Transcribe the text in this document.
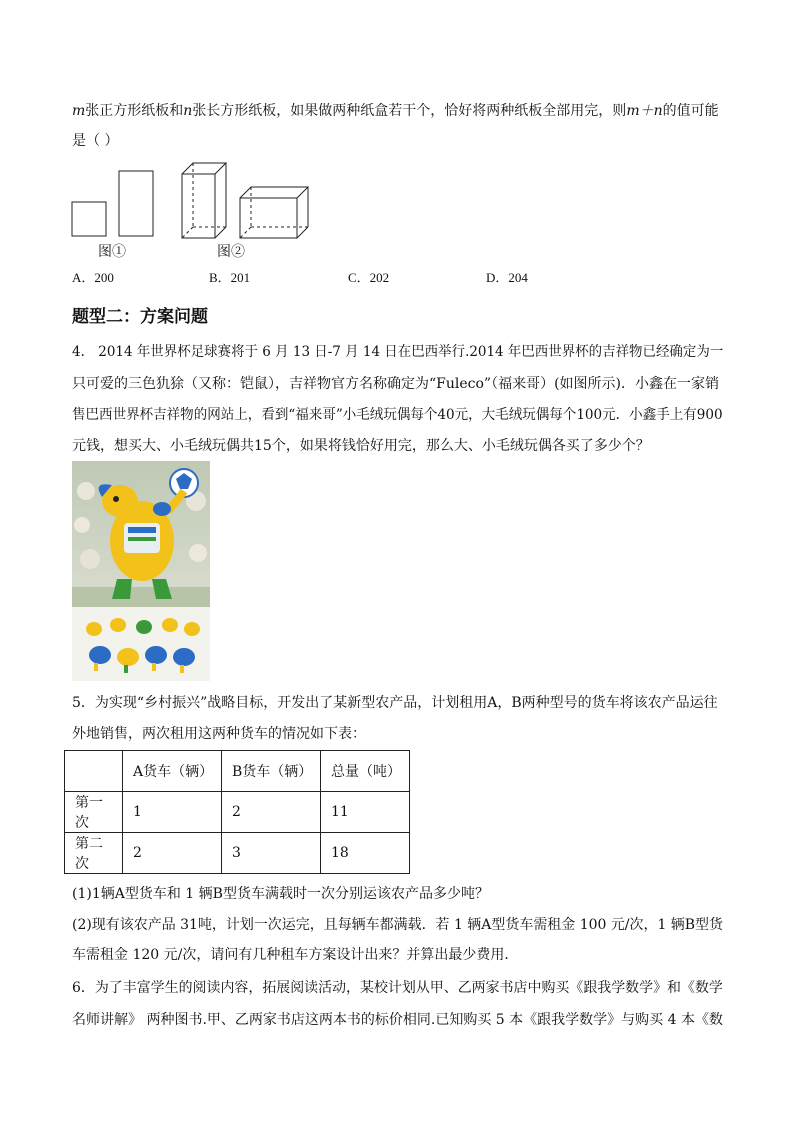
m张正方形纸板和n张长方形纸板，如果做两种纸盒若干个，恰好将两种纸板全部用完，则m＋n的值可能
是（ ）
图①	图②
A．200	B．201	C．202	D．204
题型二：方案问题
4． 2014 年世界杯足球赛将于 6 月 13 日-7 月 14 日在巴西举行.2014 年巴西世界杯的吉祥物已经确定为一
只可爱的三色犰狳（又称：铠鼠），吉祥物官方名称确定为“Fuleco”（福来哥）(如图所示)．小鑫在一家销
售巴西世界杯吉祥物的网站上，看到“福来哥”小毛绒玩偶每个40元，大毛绒玩偶每个100元．小鑫手上有900
元钱，想买大、小毛绒玩偶共15个，如果将钱恰好用完，那么大、小毛绒玩偶各买了多少个？
5．为实现“乡村振兴”战略目标，开发出了某新型农产品，计划租用A，B两种型号的货车将该农产品运往
外地销售，两次租用这两种货车的情况如下表：
	A货车（辆）	B货车（辆）	总量（吨）
第一次	1	2	11
第二次	2	3	18
(1)1辆A型货车和 1 辆B型货车满载时一次分别运该农产品多少吨？
(2)现有该农产品 31吨，计划一次运完，且每辆车都满载．若 1 辆A型货车需租金 100 元/次，1 辆B型货
车需租金 120 元/次，请问有几种租车方案设计出来？并算出最少费用．
6．为了丰富学生的阅读内容，拓展阅读活动，某校计划从甲、乙两家书店中购买《跟我学数学》和《数学
名师讲解》 两种图书.甲、乙两家书店这两本书的标价相同.已知购买 5 本《跟我学数学》与购买 4 本《数
